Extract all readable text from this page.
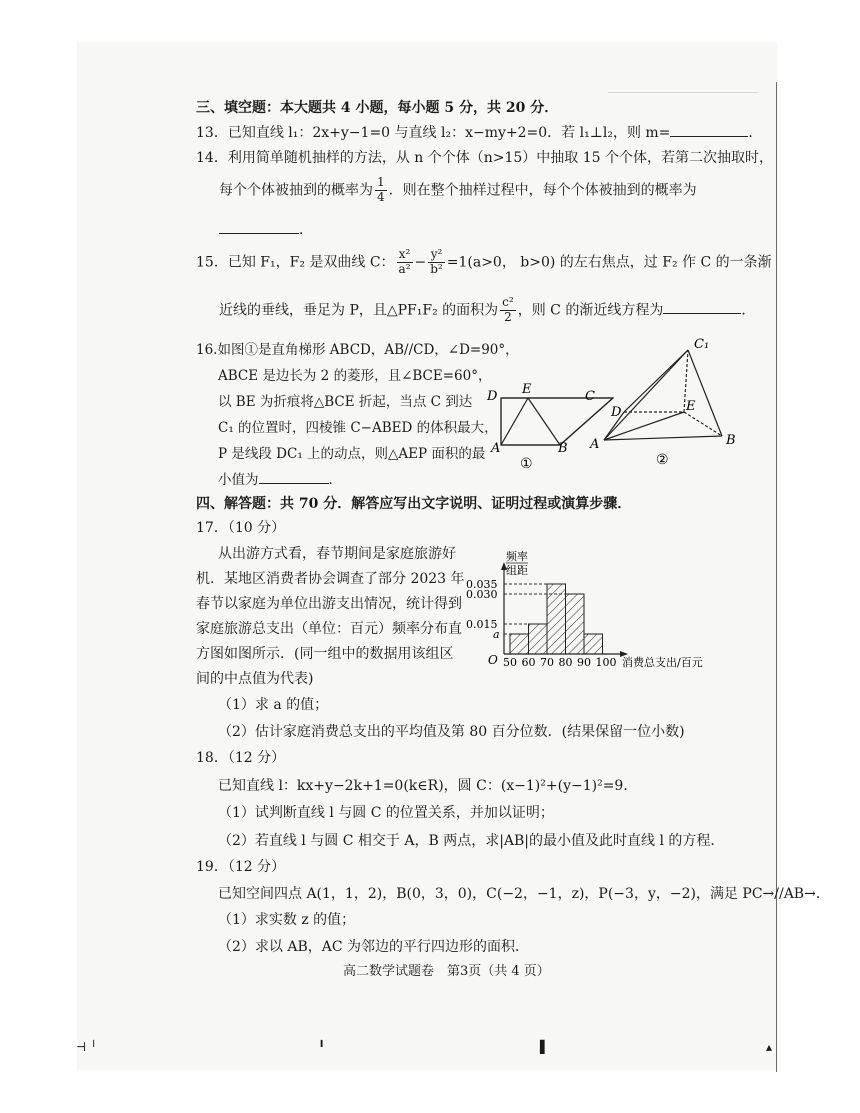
三、填空题：本大题共 4 小题，每小题 5 分，共 20 分．
13．已知直线 l₁：2x+y−1=0 与直线 l₂：x−my+2=0．若 l₁⊥l₂，则 m=	．
14．利用简单随机抽样的方法，从 n 个个体（n>15）中抽取 15 个个体，若第二次抽取时，
每个个体被抽到的概率为 $\frac{1}{4}$ ．则在整个抽样过程中，每个个体被抽到的概率为
．
15．已知 F₁，F₂ 是双曲线 C： $\frac{\text{x²}}{\text{a²}} - \frac{\text{y²}}{\text{b²}} =1(a>0$， b>0) 的左右焦点，过 F₂ 作 C 的一条渐
近线的垂线，垂足为 P，且△PF₁F₂ 的面积为 $\frac{\text{c²}}{2}$ ，则 C 的渐近线方程为	．
16.如图①是直角梯形 ABCD，AB//CD，∠D=90°，
ABCE 是边长为 2 的菱形，且∠BCE=60°，
以 BE 为折痕将△BCE 折起，当点 C 到达
C₁ 的位置时，四棱锥 C−ABED 的体积最大，
P 是线段 DC₁ 上的动点，则△AEP 面积的最
小值为	．
D E	C
A	B
①
C₁
D	E
A	B
②
四、解答题：共 70 分．解答应写出文字说明、证明过程或演算步骤．
17．（10 分）
从出游方式看，春节期间是家庭旅游好
机．某地区消费者协会调查了部分 2023 年
春节以家庭为单位出游支出情况，统计得到
家庭旅游总支出（单位：百元）频率分布直
方图如图所示．(同一组中的数据用该组区
间的中点值为代表)
（1）求 a 的值；
（2）估计家庭消费总支出的平均值及第 80 百分位数．(结果保留一位小数)
频率
组距
O	消费总支出/百元
50 60 70 80 90 100
0.035
0.030
0.015
a
18．（12 分）
已知直线 l：kx+y−2k+1=0(k∈R)，圆 C：(x−1)²+(y−1)²=9．
（1）试判断直线 l 与圆 C 的位置关系，并加以证明；
（2）若直线 l 与圆 C 相交于 A，B 两点，求|AB|的最小值及此时直线 l 的方程．
19．（12 分）
已知空间四点 A(1，1，2)，B(0，3，0)，C(−2，−1，z)，P(−3，y，−2)，满足 PC→//AB→．
（1）求实数 z 的值；
（2）求以 AB，AC 为邻边的平行四边形的面积．
高二数学试题卷　第3页（共 4 页）
⊣ ╵	╹	▌	▴
